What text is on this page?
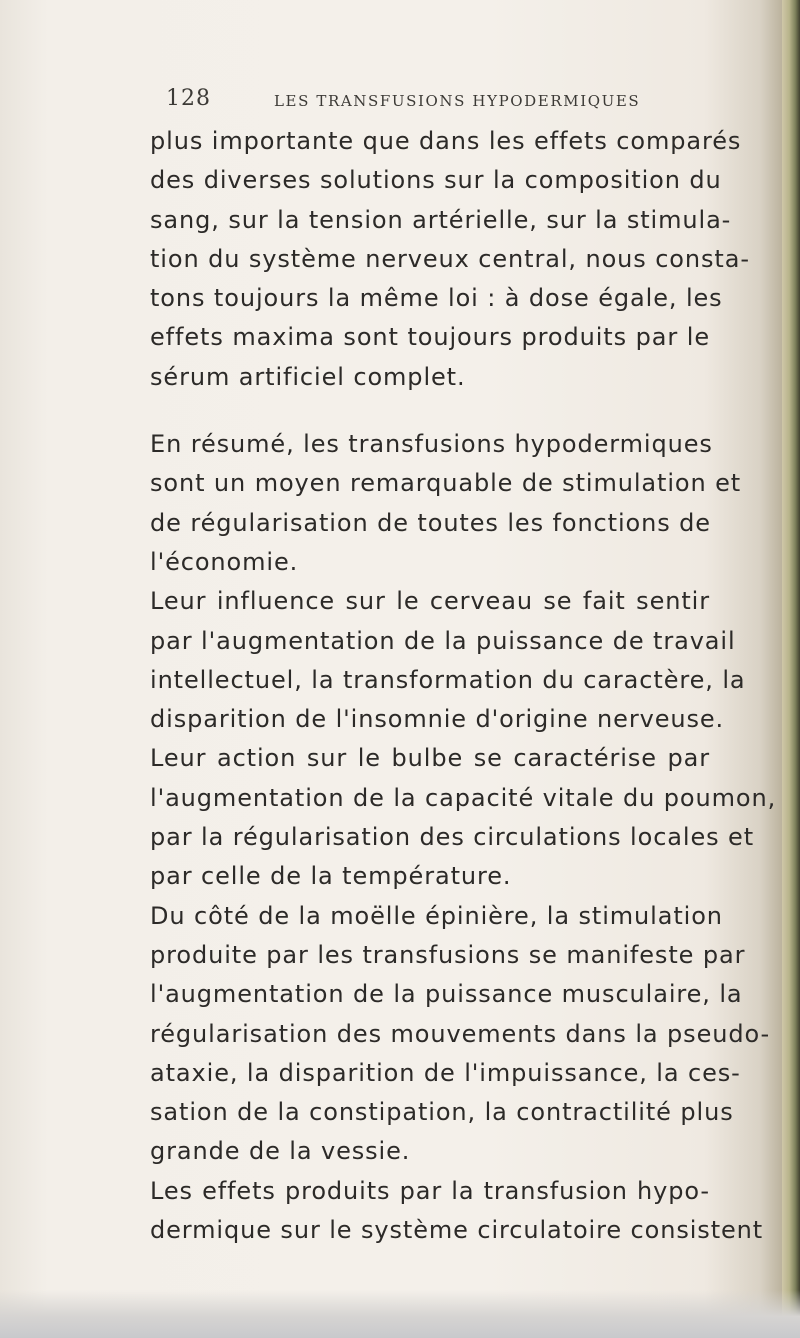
128	LES TRANSFUSIONS HYPODERMIQUES
plus importante que dans les effets comparés
des diverses solutions sur la composition du
sang, sur la tension artérielle, sur la stimula-
tion du système nerveux central, nous consta-
tons toujours la même loi : à dose égale, les
effets maxima sont toujours produits par le
sérum artificiel complet.
En résumé, les transfusions hypodermiques
sont un moyen remarquable de stimulation et
de régularisation de toutes les fonctions de
l'économie.
Leur influence sur le cerveau se fait sentir
par l'augmentation de la puissance de travail
intellectuel, la transformation du caractère, la
disparition de l'insomnie d'origine nerveuse.
Leur action sur le bulbe se caractérise par
l'augmentation de la capacité vitale du poumon,
par la régularisation des circulations locales et
par celle de la température.
Du côté de la moëlle épinière, la stimulation
produite par les transfusions se manifeste par
l'augmentation de la puissance musculaire, la
régularisation des mouvements dans la pseudo-
ataxie, la disparition de l'impuissance, la ces-
sation de la constipation, la contractilité plus
grande de la vessie.
Les effets produits par la transfusion hypo-
dermique sur le système circulatoire consistent
